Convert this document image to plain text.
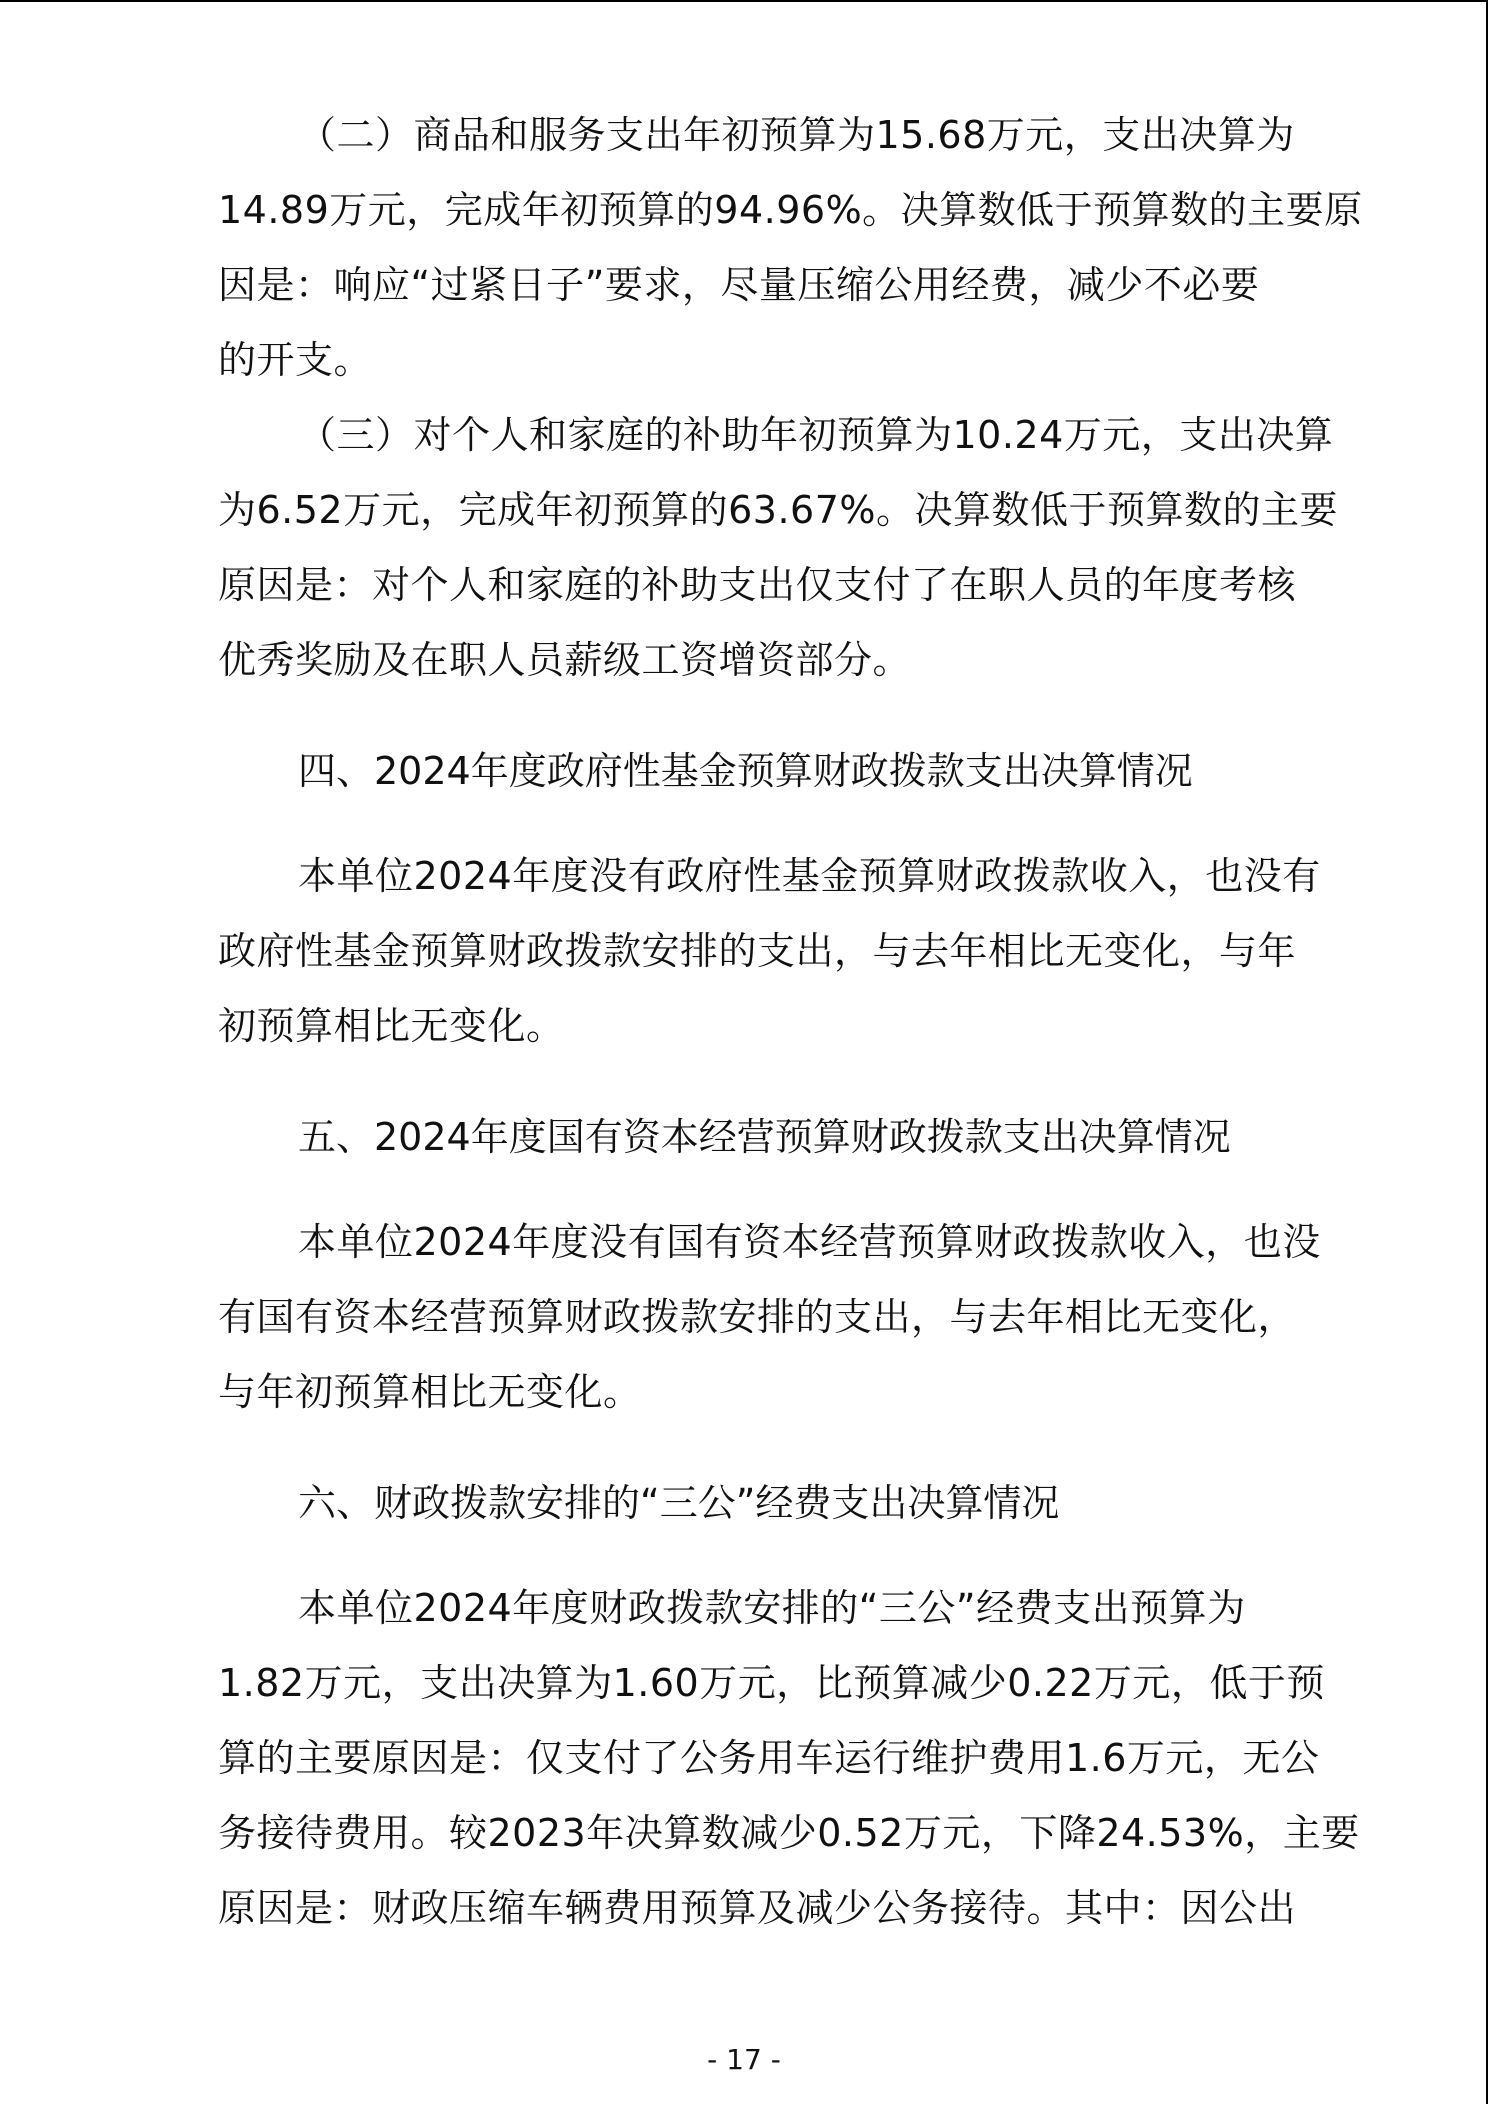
（二）商品和服务支出年初预算为15.68万元，支出决算为
14.89万元，完成年初预算的94.96%。决算数低于预算数的主要原
因是：响应“过紧日子”要求，尽量压缩公用经费，减少不必要
的开支。
（三）对个人和家庭的补助年初预算为10.24万元，支出决算
为6.52万元，完成年初预算的63.67%。决算数低于预算数的主要
原因是：对个人和家庭的补助支出仅支付了在职人员的年度考核
优秀奖励及在职人员薪级工资增资部分。
四、2024年度政府性基金预算财政拨款支出决算情况
本单位2024年度没有政府性基金预算财政拨款收入，也没有
政府性基金预算财政拨款安排的支出，与去年相比无变化，与年
初预算相比无变化。
五、2024年度国有资本经营预算财政拨款支出决算情况
本单位2024年度没有国有资本经营预算财政拨款收入，也没
有国有资本经营预算财政拨款安排的支出，与去年相比无变化，
与年初预算相比无变化。
六、财政拨款安排的“三公”经费支出决算情况
本单位2024年度财政拨款安排的“三公”经费支出预算为
1.82万元，支出决算为1.60万元，比预算减少0.22万元，低于预
算的主要原因是：仅支付了公务用车运行维护费用1.6万元，无公
务接待费用。较2023年决算数减少0.52万元，下降24.53%，主要
原因是：财政压缩车辆费用预算及减少公务接待。其中：因公出
- 17 -
